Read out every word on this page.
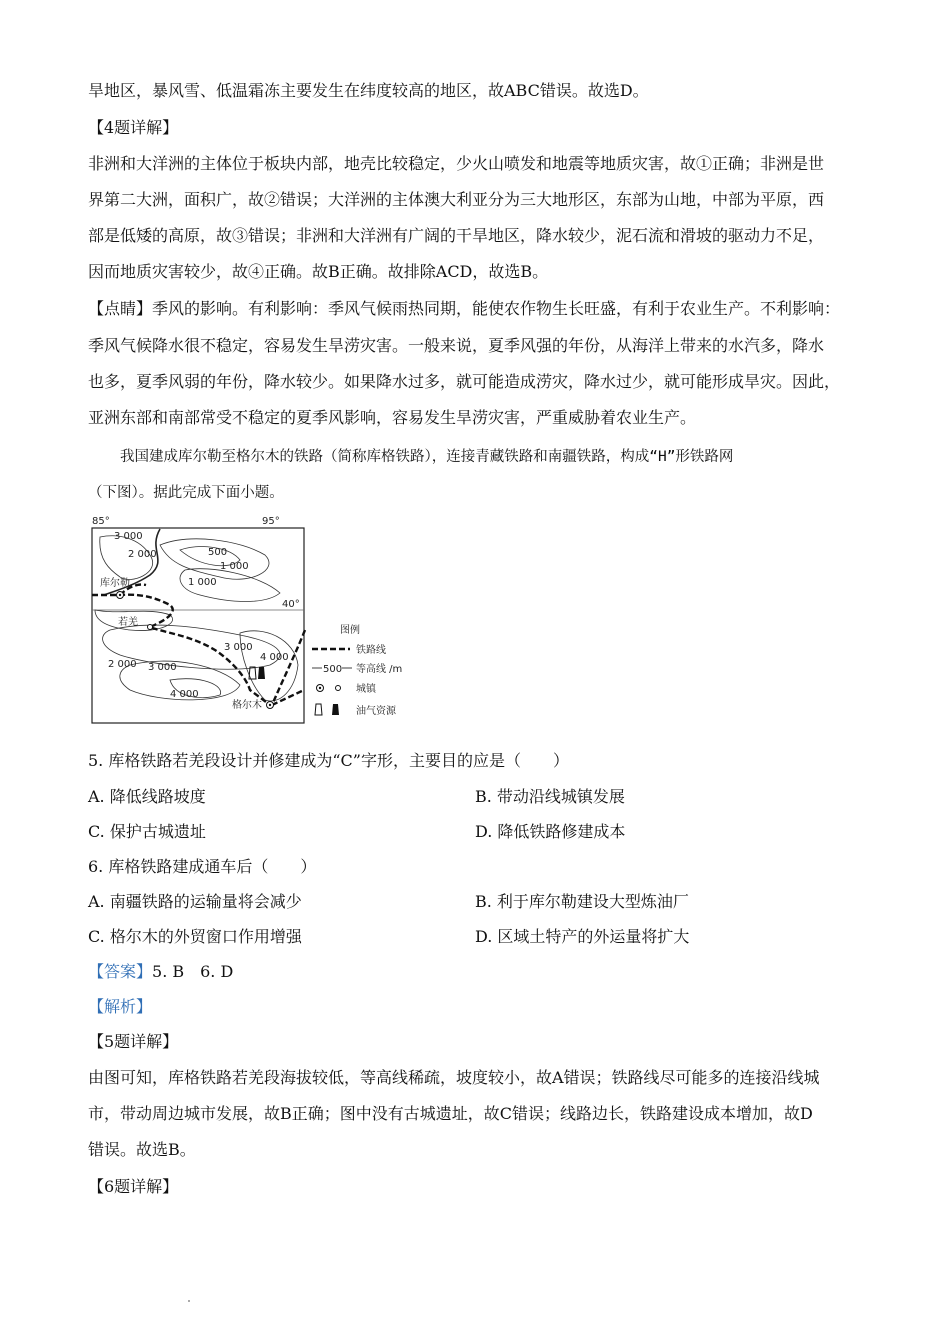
旱地区，暴风雪、低温霜冻主要发生在纬度较高的地区，故ABC错误。故选D。
【4题详解】
非洲和大洋洲的主体位于板块内部，地壳比较稳定，少火山喷发和地震等地质灾害，故①正确；非洲是世
界第二大洲，面积广，故②错误；大洋洲的主体澳大利亚分为三大地形区，东部为山地，中部为平原，西
部是低矮的高原，故③错误；非洲和大洋洲有广阔的干旱地区，降水较少，泥石流和滑坡的驱动力不足，
因而地质灾害较少，故④正确。故B正确。故排除ACD，故选B。
【点睛】季风的影响。有利影响：季风气候雨热同期，能使农作物生长旺盛，有利于农业生产。不利影响：
季风气候降水很不稳定，容易发生旱涝灾害。一般来说，夏季风强的年份，从海洋上带来的水汽多，降水
也多，夏季风弱的年份，降水较少。如果降水过多，就可能造成涝灾，降水过少，就可能形成旱灾。因此，
亚洲东部和南部常受不稳定的夏季风影响，容易发生旱涝灾害，严重威胁着农业生产。
我国建成库尔勒至格尔木的铁路（简称库格铁路），连接青藏铁路和南疆铁路，构成“H”形铁路网
（下图）。据此完成下面小题。
85°	95°
40°
3 000
2 000	500
1 000
1 000
库尔勒
若羌
3 000
2 000 3 000
4 000
4 000
格尔木
图例
铁路线
500 等高线 /m
城镇
油气资源
5. 库格铁路若羌段设计并修建成为“C”字形，主要目的应是（　　）
A. 降低线路坡度	B. 带动沿线城镇发展
C. 保护古城遗址	D. 降低铁路修建成本
6. 库格铁路建成通车后（　　）
A. 南疆铁路的运输量将会减少	B. 利于库尔勒建设大型炼油厂
C. 格尔木的外贸窗口作用增强	D. 区域土特产的外运量将扩大
【答案】5. B　6. D
【解析】
【5题详解】
由图可知，库格铁路若羌段海拔较低，等高线稀疏，坡度较小，故A错误；铁路线尽可能多的连接沿线城
市，带动周边城市发展，故B正确；图中没有古城遗址，故C错误；线路边长，铁路建设成本增加，故D
错误。故选B。
【6题详解】
